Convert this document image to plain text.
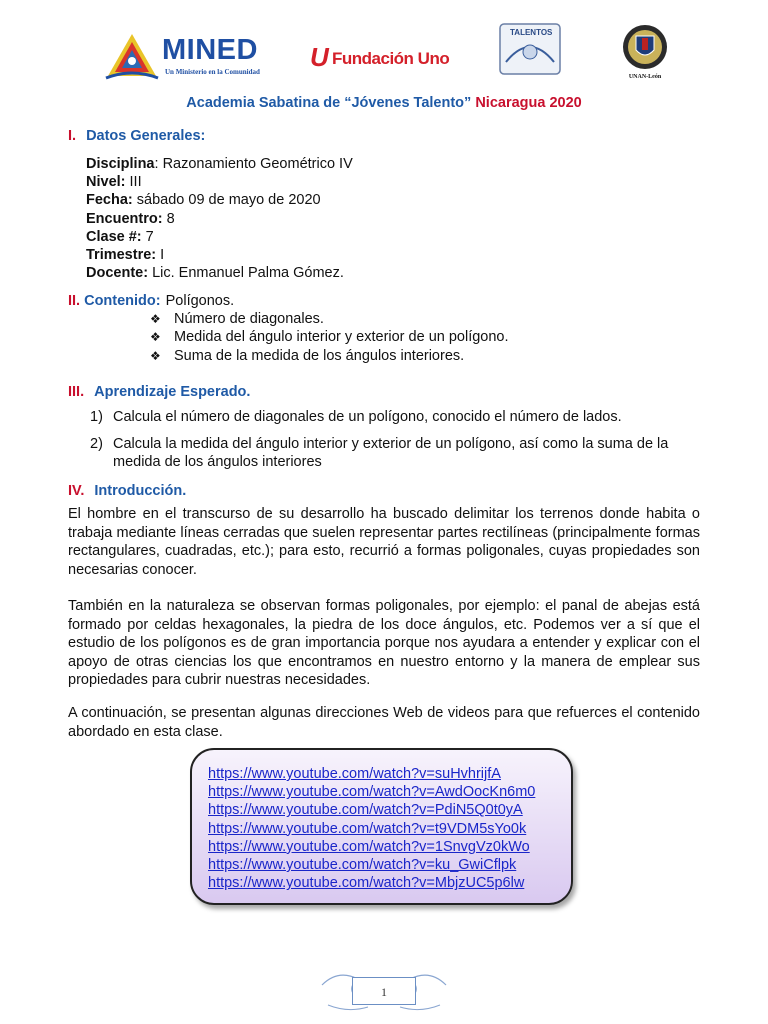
MINED
Un Ministerio en la Comunidad U Fundación Uno
TALENTOS
UNAN-León
Academia Sabatina de “Jóvenes Talento” Nicaragua 2020
I. Datos Generales:
Disciplina: Razonamiento Geométrico IV
Nivel: III
Fecha: sábado 09 de mayo de 2020
Encuentro: 8
Clase #: 7
Trimestre: I
Docente: Lic. Enmanuel Palma Gómez.
II. Contenido: Polígonos.
❖ Número de diagonales.
❖ Medida del ángulo interior y exterior de un polígono.
❖ Suma de la medida de los ángulos interiores.
III. Aprendizaje Esperado.
1) Calcula el número de diagonales de un polígono, conocido el número de lados.
2) Calcula la medida del ángulo interior y exterior de un polígono, así como la suma de la medida de los ángulos interiores
IV. Introducción.
El hombre en el transcurso de su desarrollo ha buscado delimitar los terrenos donde habita o trabaja mediante líneas cerradas que suelen representar partes rectilíneas (principalmente formas rectangulares, cuadradas, etc.); para esto, recurrió a formas poligonales, cuyas propiedades son necesarias conocer.
También en la naturaleza se observan formas poligonales, por ejemplo: el panal de abejas está formado por celdas hexagonales, la piedra de los doce ángulos, etc. Podemos ver a sí que el estudio de los polígonos es de gran importancia porque nos ayudara a entender y explicar con el apoyo de otras ciencias los que encontramos en nuestro entorno y la manera de emplear sus propiedades para cubrir nuestras necesidades.
A continuación, se presentan algunas direcciones Web de videos para que refuerces el contenido abordado en esta clase.
https://www.youtube.com/watch?v=suHvhrijfA
https://www.youtube.com/watch?v=AwdOocKn6m0
https://www.youtube.com/watch?v=PdiN5Q0t0yA
https://www.youtube.com/watch?v=t9VDM5sYo0k
https://www.youtube.com/watch?v=1SnvgVz0kWo
https://www.youtube.com/watch?v=ku_GwiCflpk
https://www.youtube.com/watch?v=MbjzUC5p6lw
1
